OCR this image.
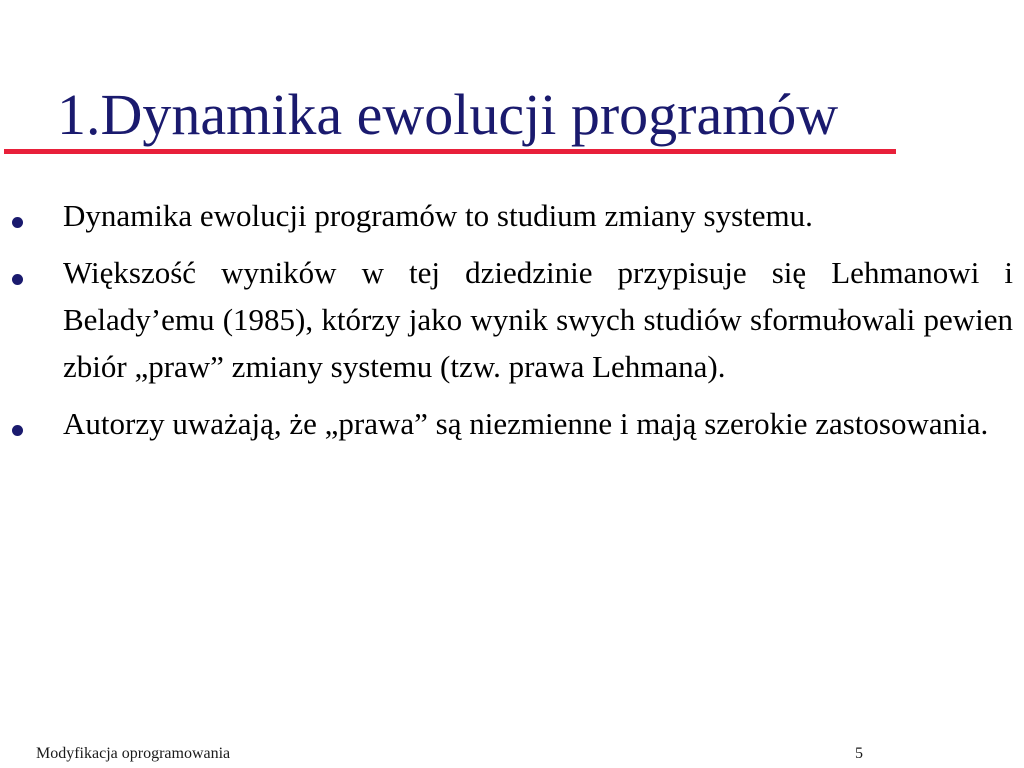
1.Dynamika ewolucji programów
Dynamika ewolucji programów to studium zmiany systemu.
Większość wyników w tej dziedzinie przypisuje się Lehmanowi i Belady’emu (1985), którzy jako wynik swych studiów sformułowali pewien zbiór „praw” zmiany systemu (tzw. prawa Lehmana).
Autorzy uważają, że „prawa” są niezmienne i mają szerokie zastosowania.
Modyfikacja oprogramowania	5
